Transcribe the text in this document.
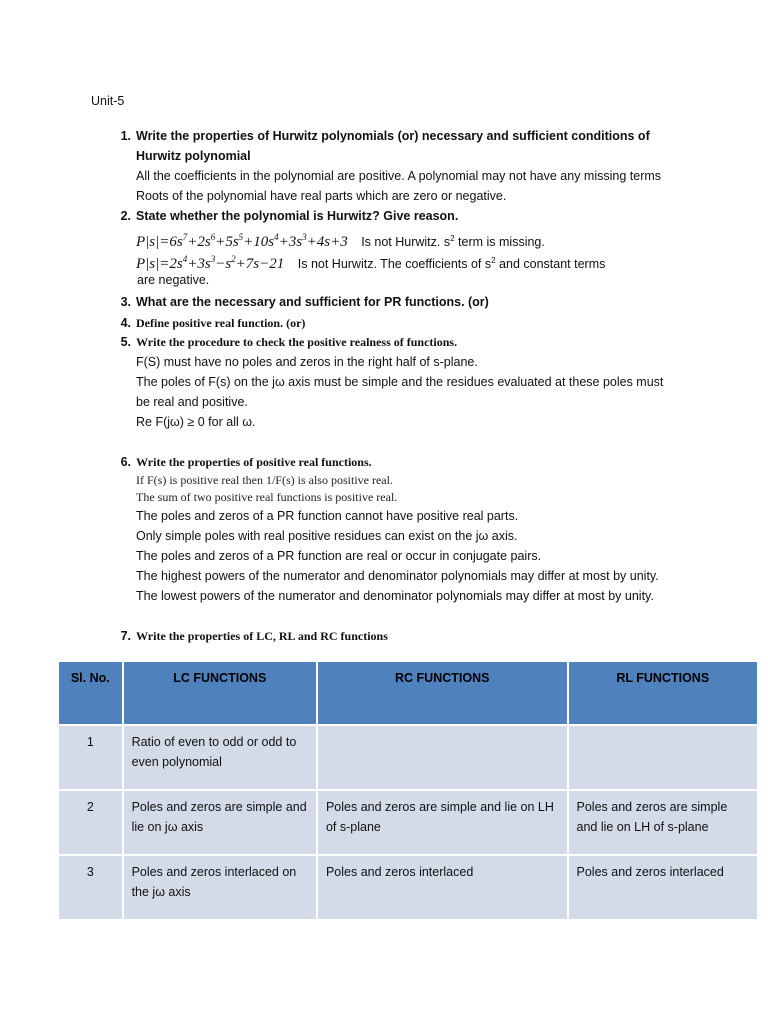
Unit-5
1. Write the properties of Hurwitz polynomials (or) necessary and sufficient conditions of
Hurwitz polynomial
All the coefficients in the polynomial are positive. A polynomial may not have any missing terms
Roots of the polynomial have real parts which are zero or negative.
2. State whether the polynomial is Hurwitz? Give reason.
$P|s|=6s^7+2s^6+5s^5+10s^4+3s^3+4s+3$ Is not Hurwitz. $s^2$ term is missing.
$P|s|=2s^4+3s^3-s^2+7s-21$ Is not Hurwitz. The coefficients of $s^2$ and constant terms
are negative.
3. What are the necessary and sufficient for PR functions. (or)
4. Define positive real function. (or)
5. Write the procedure to check the positive realness of functions.
F(S) must have no poles and zeros in the right half of s-plane.
The poles of F(s) on the jω axis must be simple and the residues evaluated at these poles must
be real and positive.
Re F(jω) ≥ 0 for all ω.
6. Write the properties of positive real functions.
If F(s) is positive real then 1/F(s) is also positive real.
The sum of two positive real functions is positive real.
The poles and zeros of a PR function cannot have positive real parts.
Only simple poles with real positive residues can exist on the jω axis.
The poles and zeros of a PR function are real or occur in conjugate pairs.
The highest powers of the numerator and denominator polynomials may differ at most by unity.
The lowest powers of the numerator and denominator polynomials may differ at most by unity.
7. Write the properties of LC, RL and RC functions
Sl. No.	LC FUNCTIONS	RC FUNCTIONS	RL FUNCTIONS
1	Ratio of even to odd or odd to even polynomial		
2	Poles and zeros are simple and lie on jω axis	Poles and zeros are simple and lie on LH of s-plane	Poles and zeros are simple and lie on LH of s-plane
3	Poles and zeros interlaced on the jω axis	Poles and zeros interlaced	Poles and zeros interlaced
